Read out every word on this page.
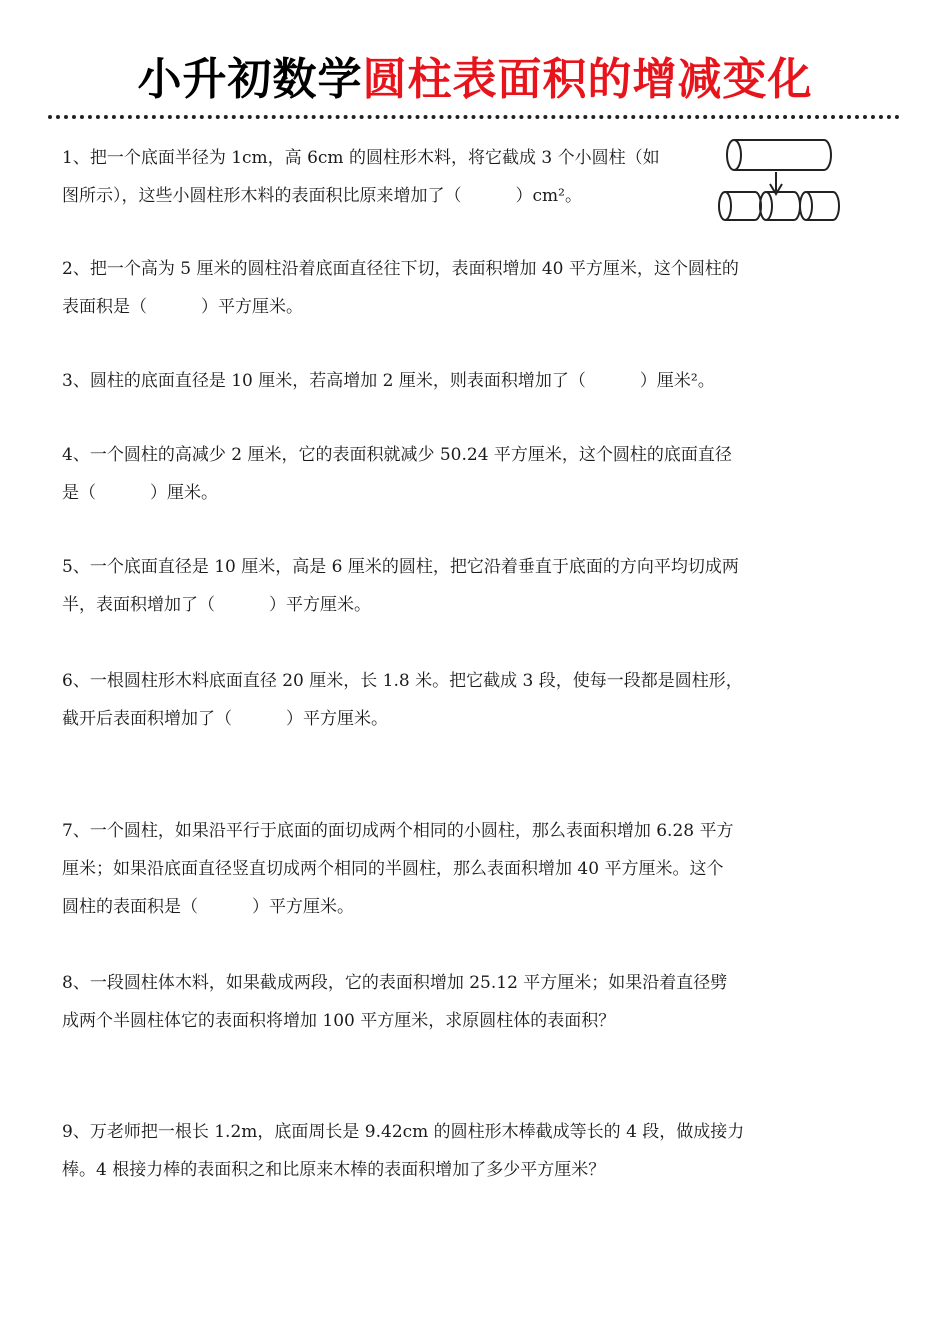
小升初数学圆柱表面积的增减变化
1、把一个底面半径为 1cm，高 6cm 的圆柱形木料，将它截成 3 个小圆柱（如
图所示），这些小圆柱形木料的表面积比原来增加了（          ）cm²。
2、把一个高为 5 厘米的圆柱沿着底面直径往下切，表面积增加 40 平方厘米，这个圆柱的
表面积是（          ）平方厘米。
3、圆柱的底面直径是 10 厘米，若高增加 2 厘米，则表面积增加了（          ）厘米²。
4、一个圆柱的高减少 2 厘米，它的表面积就减少 50.24 平方厘米，这个圆柱的底面直径
是（          ）厘米。
5、一个底面直径是 10 厘米，高是 6 厘米的圆柱，把它沿着垂直于底面的方向平均切成两
半，表面积增加了（          ）平方厘米。
6、一根圆柱形木料底面直径 20 厘米，长 1.8 米。把它截成 3 段，使每一段都是圆柱形，
截开后表面积增加了（          ）平方厘米。
7、一个圆柱，如果沿平行于底面的面切成两个相同的小圆柱，那么表面积增加 6.28 平方
厘米；如果沿底面直径竖直切成两个相同的半圆柱，那么表面积增加 40 平方厘米。这个
圆柱的表面积是（          ）平方厘米。
8、一段圆柱体木料，如果截成两段，它的表面积增加 25.12 平方厘米；如果沿着直径劈
成两个半圆柱体它的表面积将增加 100 平方厘米，求原圆柱体的表面积？
9、万老师把一根长 1.2m，底面周长是 9.42cm 的圆柱形木棒截成等长的 4 段，做成接力
棒。4 根接力棒的表面积之和比原来木棒的表面积增加了多少平方厘米？
